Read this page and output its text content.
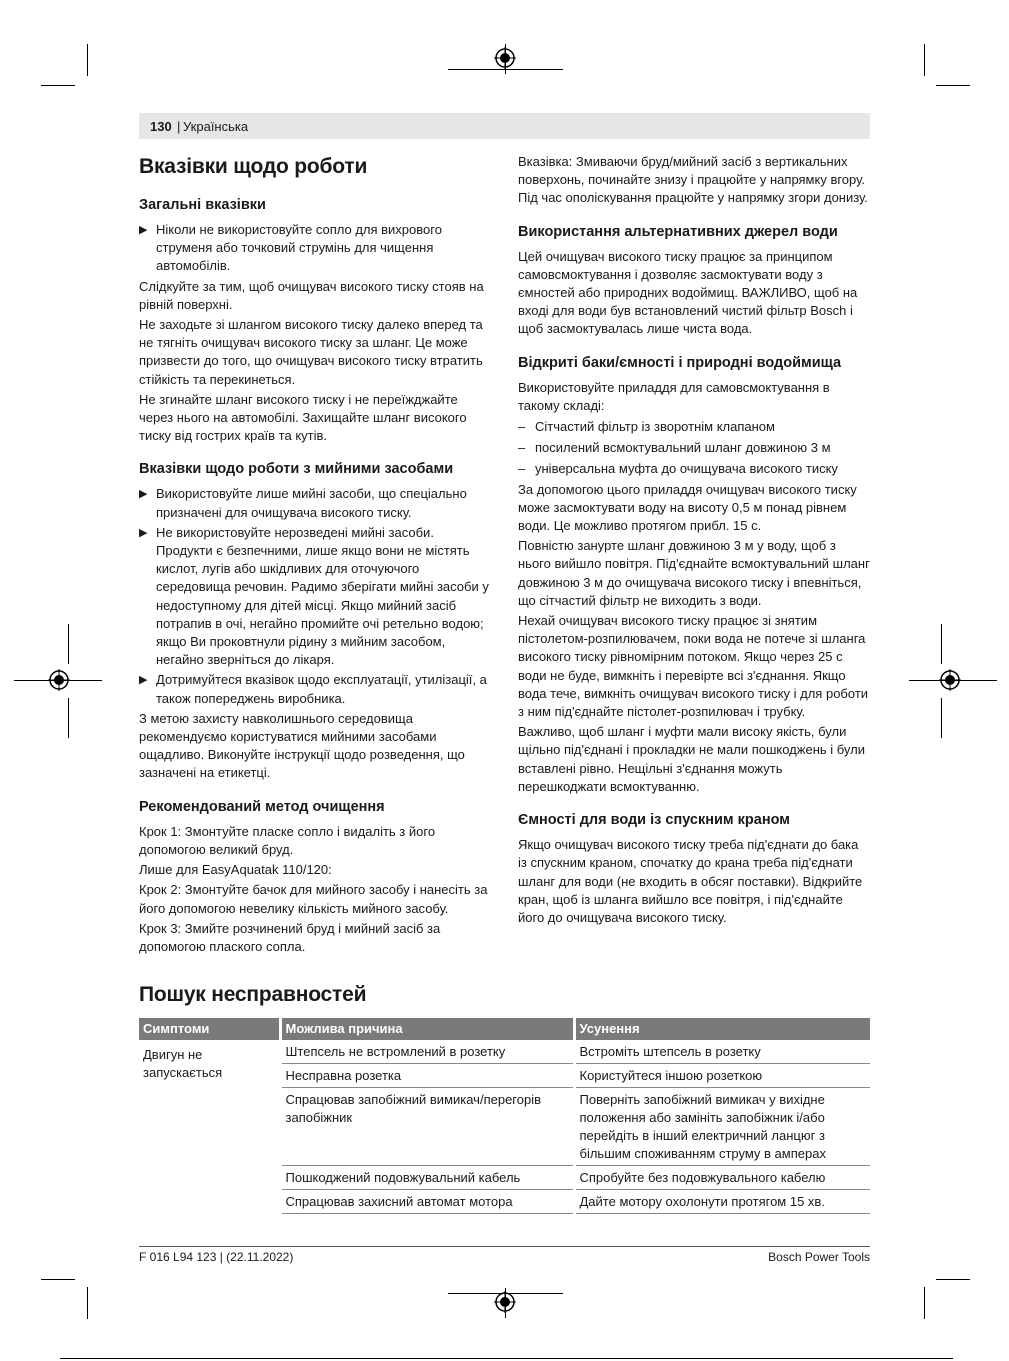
130 | Українська
Вказівки щодо роботи
Загальні вказівки
▶ Ніколи не використовуйте сопло для вихрового струменя або точковий струмінь для чищення автомобілів.

Слідкуйте за тим, щоб очищувач високого тиску стояв на рівній поверхні.

Не заходьте зі шлангом високого тиску далеко вперед та не тягніть очищувач високого тиску за шланг. Це може призвести до того, що очищувач високого тиску втратить стійкість та перекинеться.

Не згинайте шланг високого тиску і не переїжджайте через нього на автомобілі. Захищайте шланг високого тиску від гострих країв та кутів.

Вказівки щодо роботи з мийними засобами
▶ Використовуйте лише мийні засоби, що спеціально призначені для очищувача високого тиску.
▶ Не використовуйте нерозведені мийні засоби. Продукти є безпечними, лише якщо вони не містять кислот, лугів або шкідливих для оточуючого середовища речовин. Радимо зберігати мийні засоби у недоступному для дітей місці. Якщо мийний засіб потрапив в очі, негайно промийте очі ретельно водою; якщо Ви проковтнули рідину з мийним засобом, негайно зверніться до лікаря.
▶ Дотримуйтеся вказівок щодо експлуатації, утилізації, а також попереджень виробника.

З метою захисту навколишнього середовища рекомендуємо користуватися мийними засобами ощадливо. Виконуйте інструкції щодо розведення, що зазначені на етикетці.

Рекомендований метод очищення

Крок 1: Змонтуйте пласке сопло і видаліть з його допомогою великий бруд.

Лише для EasyAquatak 110/120:

Крок 2: Змонтуйте бачок для мийного засобу і нанесіть за його допомогою невелику кількість мийного засобу.

Крок 3: Змийте розчинений бруд і мийний засіб за допомогою плаского сопла.

Вказівка: Змиваючи бруд/мийний засіб з вертикальних поверхонь, починайте знизу і працюйте у напрямку вгору. Під час ополіскування працюйте у напрямку згори донизу.

Використання альтернативних джерел води

Цей очищувач високого тиску працює за принципом самовсмоктування і дозволяє засмоктувати воду з ємностей або природних водоймищ. ВАЖЛИВО, щоб на вході для води був встановлений чистий фільтр Bosch і щоб засмоктувалась лише чиста вода.

Відкриті баки/ємності і природні водоймища

Використовуйте приладдя для самовсмоктування в такому складі:

– Сітчастий фільтр із зворотнім клапаном
– посилений всмоктувальний шланг довжиною 3 м
– універсальна муфта до очищувача високого тиску

За допомогою цього приладдя очищувач високого тиску може засмоктувати воду на висоту 0,5 м понад рівнем води. Це можливо протягом прибл. 15 с.

Повністю занурте шланг довжиною 3 м у воду, щоб з нього вийшло повітря. Під'єднайте всмоктувальний шланг довжиною 3 м до очищувача високого тиску і впевніться, що сітчастий фільтр не виходить з води.

Нехай очищувач високого тиску працює зі знятим пістолетом-розпилювачем, поки вода не потече зі шланга високого тиску рівномірним потоком. Якщо через 25 с води не буде, вимкніть і перевірте всі з'єднання. Якщо вода тече, вимкніть очищувач високого тиску і для роботи з ним під'єднайте пістолет-розпилювач і трубку.

Важливо, щоб шланг і муфти мали високу якість, були щільно під'єднані і прокладки не мали пошкоджень і були вставлені рівно. Нещільні з'єднання можуть перешкоджати всмоктуванню.

Ємності для води із спускним краном

Якщо очищувач високого тиску треба під'єднати до бака із спускним краном, спочатку до крана треба під'єднати шланг для води (не входить в обсяг поставки). Відкрийте кран, щоб із шланга вийшло все повітря, і під'єднайте його до очищувача високого тиску.

Пошук несправностей
Симптоми	Можлива причина	Усунення
Двигун не запускається	Штепсель не встромлений в розетку	Встроміть штепсель в розетку
	Несправна розетка	Користуйтеся іншою розеткою
	Спрацював запобіжний вимикач/перегорів запобіжник	Поверніть запобіжний вимикач у вихідне положення або замініть запобіжник і/або перейдіть в інший електричний ланцюг з більшим споживанням струму в амперах
	Пошкоджений подовжувальний кабель	Спробуйте без подовжувального кабелю
	Спрацював захисний автомат мотора	Дайте мотору охолонути протягом 15 хв.
F 016 L94 123 | (22.11.2022)	Bosch Power Tools
